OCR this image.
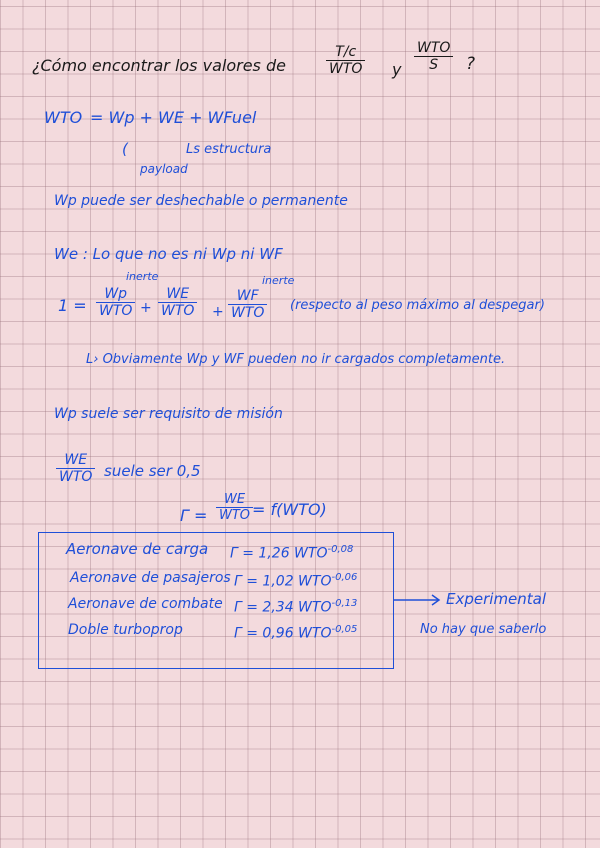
¿Cómo encontrar los valores de
T/c
WTO y
WTO
S	?
WTO = Wp + WE + WFuel
Ls estructura
(
payload
Wp puede ser deshechable o permanente
We : Lo que no es ni Wp ni WF
inerte	inerte
1 =
Wp
WTO +
WE
WTO +
WF
WTO (respecto al peso máximo al despegar)
L› Obviamente Wp y WF pueden no ir cargados completamente.
Wp suele ser requisito de misión
WE
WTO suele ser 0,5
Γ =
WE
WTO = f(WTO)
Aeronave de carga Γ = 1,26 $WTO^{-0,08}$
Aeronave de pasajeros Γ = 1,02 $WTO^{-0,06}$
Aeronave de combate Γ = 2,34 $WTO^{-0,13}$
Doble turboprop	Γ = 0,96 $WTO^{-0,05}$
Experimental
No hay que saberlo
